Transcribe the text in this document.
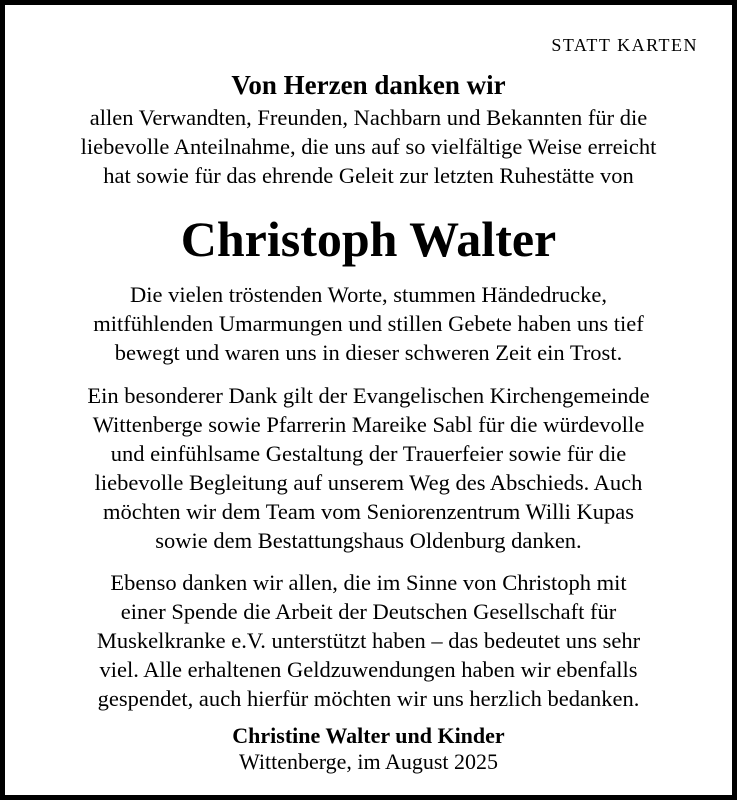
STATT KARTEN
Von Herzen danken wir
allen Verwandten, Freunden, Nachbarn und Bekannten für die
liebevolle Anteilnahme, die uns auf so vielfältige Weise erreicht
hat sowie für das ehrende Geleit zur letzten Ruhestätte von
Christoph Walter
Die vielen tröstenden Worte, stummen Händedrucke,
mitfühlenden Umarmungen und stillen Gebete haben uns tief
bewegt und waren uns in dieser schweren Zeit ein Trost.
Ein besonderer Dank gilt der Evangelischen Kirchengemeinde
Wittenberge sowie Pfarrerin Mareike Sabl für die würdevolle
und einfühlsame Gestaltung der Trauerfeier sowie für die
liebevolle Begleitung auf unserem Weg des Abschieds. Auch
möchten wir dem Team vom Seniorenzentrum Willi Kupas
sowie dem Bestattungshaus Oldenburg danken.
Ebenso danken wir allen, die im Sinne von Christoph mit
einer Spende die Arbeit der Deutschen Gesellschaft für
Muskelkranke e.V. unterstützt haben – das bedeutet uns sehr
viel. Alle erhaltenen Geldzuwendungen haben wir ebenfalls
gespendet, auch hierfür möchten wir uns herzlich bedanken.
Christine Walter und Kinder
Wittenberge, im August 2025
